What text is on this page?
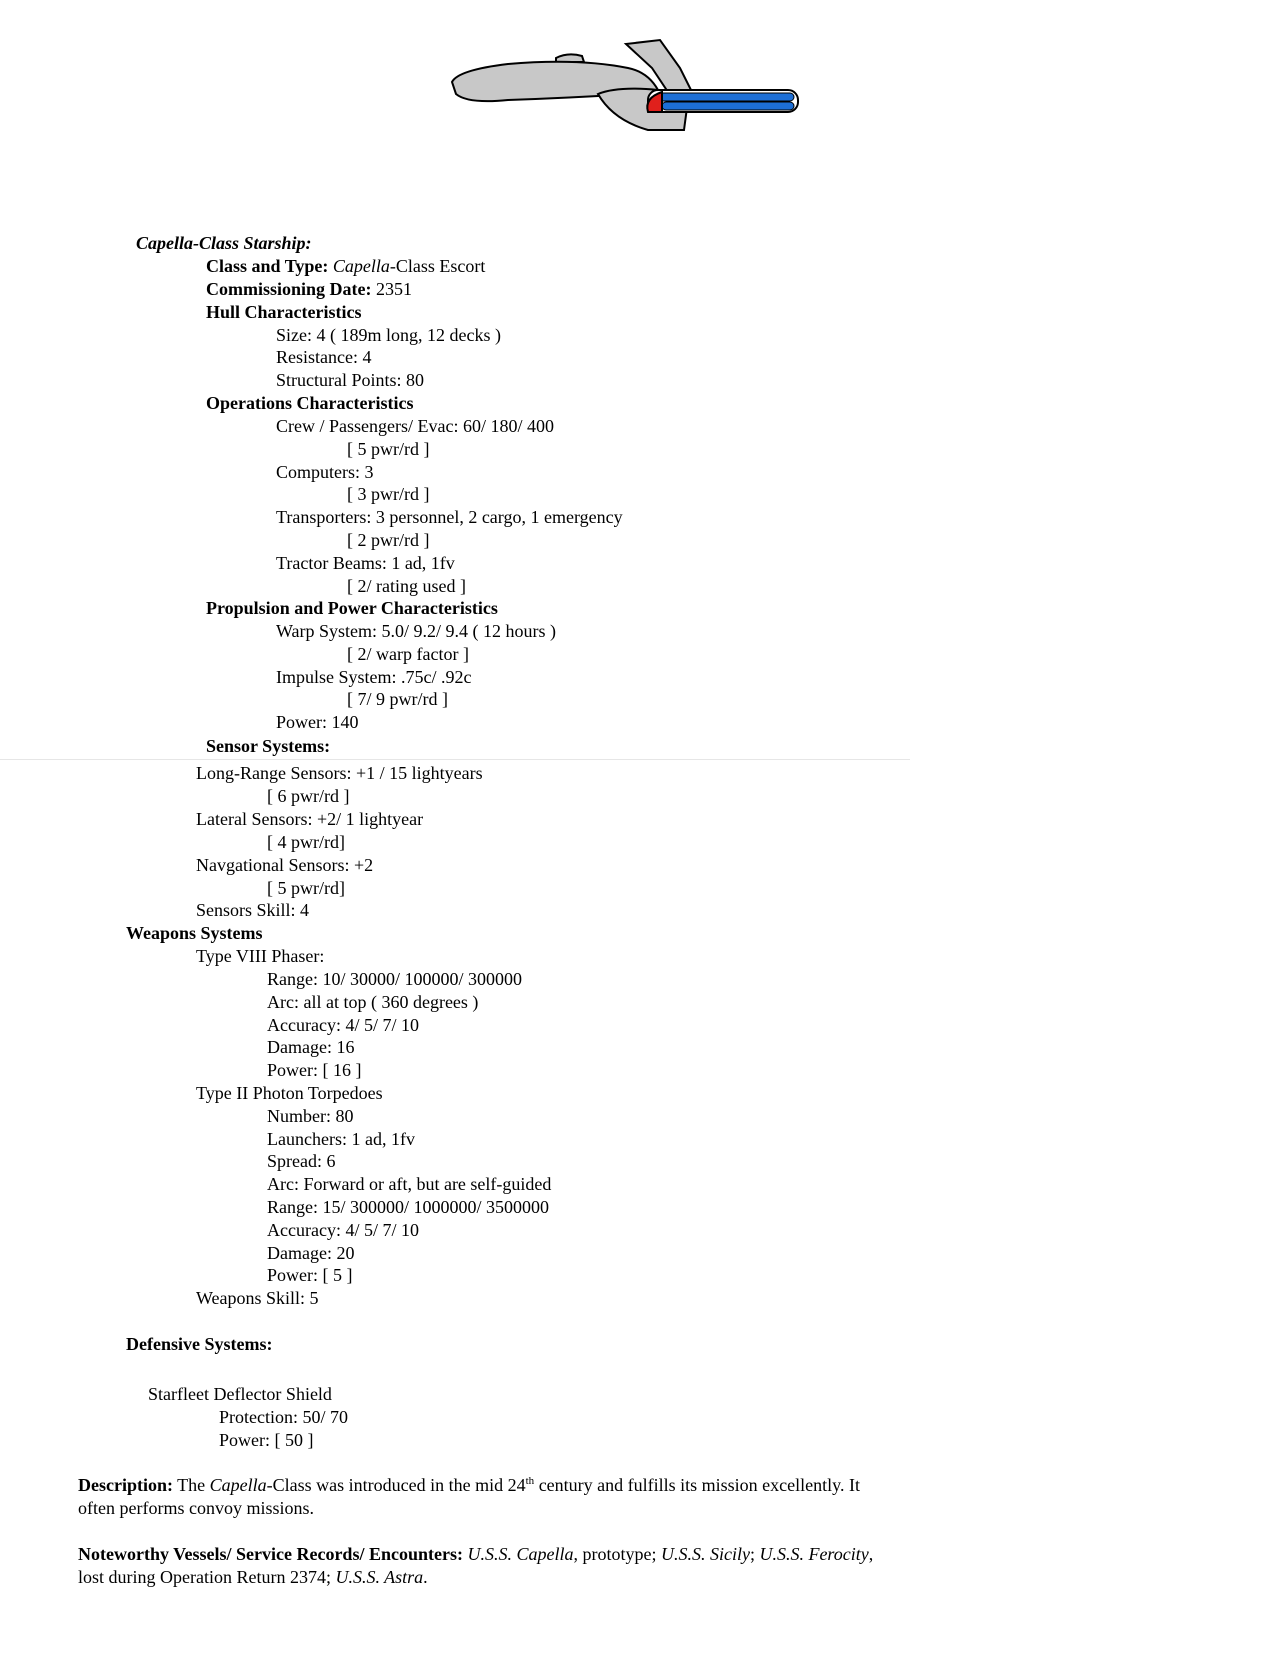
Capella-Class Starship:
Class and Type: Capella-Class Escort
Commissioning Date: 2351
Hull Characteristics
Size: 4 ( 189m long, 12 decks )
Resistance: 4
Structural Points: 80
Operations Characteristics
Crew / Passengers/ Evac: 60/ 180/ 400
[ 5 pwr/rd ]
Computers: 3
[ 3 pwr/rd ]
Transporters: 3 personnel, 2 cargo, 1 emergency
[ 2 pwr/rd ]
Tractor Beams: 1 ad, 1fv
[ 2/ rating used ]
Propulsion and Power Characteristics
Warp System: 5.0/ 9.2/ 9.4 ( 12 hours )
[ 2/ warp factor ]
Impulse System: .75c/ .92c
[ 7/ 9 pwr/rd ]
Power: 140
Sensor Systems:
Long-Range Sensors: +1 / 15 lightyears
[ 6 pwr/rd ]
Lateral Sensors: +2/ 1 lightyear
[ 4 pwr/rd]
Navgational Sensors: +2
[ 5 pwr/rd]
Sensors Skill: 4
Weapons Systems
Type VIII Phaser:
Range: 10/ 30000/ 100000/ 300000
Arc: all at top ( 360 degrees )
Accuracy: 4/ 5/ 7/ 10
Damage: 16
Power: [ 16 ]
Type II Photon Torpedoes
Number: 80
Launchers: 1 ad, 1fv
Spread: 6
Arc: Forward or aft, but are self-guided
Range: 15/ 300000/ 1000000/ 3500000
Accuracy: 4/ 5/ 7/ 10
Damage: 20
Power: [ 5 ]
Weapons Skill: 5
Defensive Systems:
Starfleet Deflector Shield
Protection: 50/ 70
Power: [ 50 ]
Description: The Capella-Class was introduced in the mid 24th century and fulfills its mission excellently. It often performs convoy missions.
Noteworthy Vessels/ Service Records/ Encounters: U.S.S. Capella, prototype; U.S.S. Sicily; U.S.S. Ferocity, lost during Operation Return 2374; U.S.S. Astra.
